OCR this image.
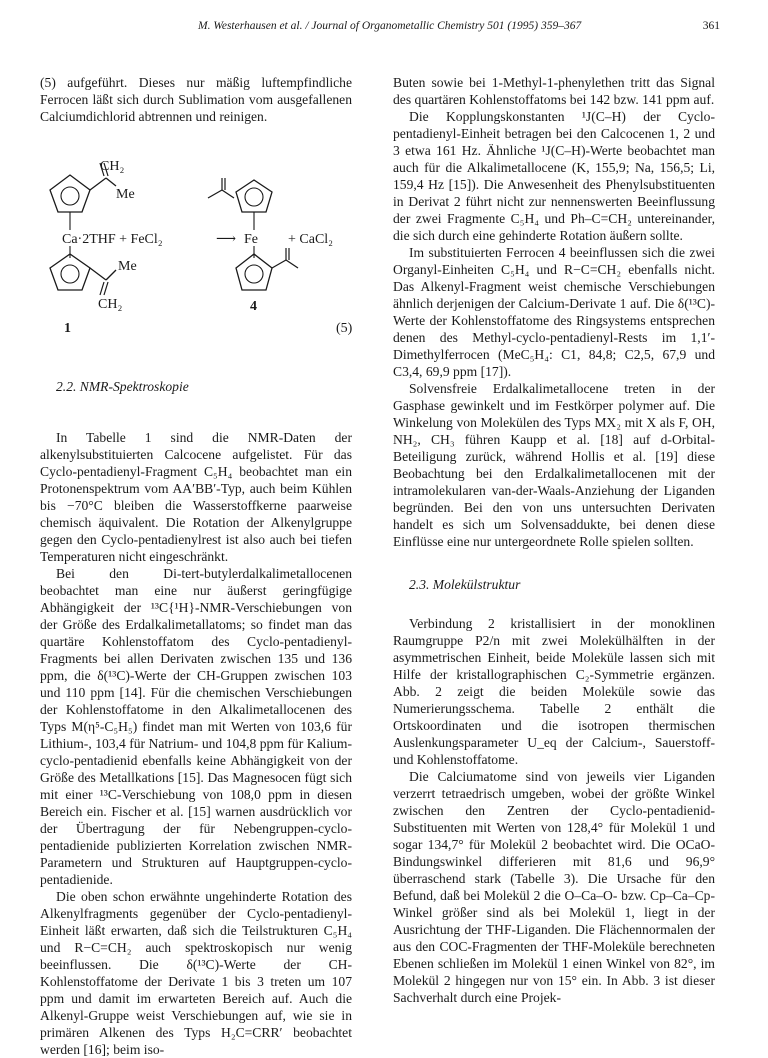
M. Westerhausen et al. / Journal of Organometallic Chemistry 501 (1995) 359–367	361

(5) aufgeführt. Dieses nur mäßig luftempfindliche Ferrocen läßt sich durch Sublimation vom ausgefallenen Calciumdichlorid abtrennen und reinigen.

CH₂
Me
Ca·2THF + FeCl₂	⟶
Me
CH₂
1
Fe + CaCl₂
4
(5)

2.2. NMR-Spektroskopie

In Tabelle 1 sind die NMR-Daten der alkenylsubstituierten Calcocene aufgelistet. Für das Cyclo-pentadienyl-Fragment C₅H₄ beobachtet man ein Protonenspektrum vom AA′BB′-Typ, auch beim Kühlen bis −70°C bleiben die Wasserstoffkerne paarweise chemisch äquivalent. Die Rotation der Alkenylgruppe gegen den Cyclo-pentadienylrest ist also auch bei tiefen Temperaturen nicht eingeschränkt.

Bei den Di-tert-butylerdalkalimetallocenen beobachtet man eine nur äußerst geringfügige Abhängigkeit der ¹³C{¹H}-NMR-Verschiebungen von der Größe des Erdalkalimetallatoms; so findet man das quartäre Kohlenstoffatom des Cyclo-pentadienyl-Fragments bei allen Derivaten zwischen 135 und 136 ppm, die δ(¹³C)-Werte der CH-Gruppen zwischen 103 und 110 ppm [14]. Für die chemischen Verschiebungen der Kohlenstoffatome in den Alkalimetallocenen des Typs M(η⁵-C₅H₅) findet man mit Werten von 103,6 für Lithium-, 103,4 für Natrium- und 104,8 ppm für Kalium-cyclo-pentadienid ebenfalls keine Abhängigkeit von der Größe des Metallkations [15]. Das Magnesocen fügt sich mit einer ¹³C-Verschiebung von 108,0 ppm in diesen Bereich ein. Fischer et al. [15] warnen ausdrücklich vor der Übertragung der für Nebengruppen-cyclo-pentadienide publizierten Korrelation zwischen NMR-Parametern und Strukturen auf Hauptgruppen-cyclo-pentadienide.

Die oben schon erwähnte ungehinderte Rotation des Alkenylfragments gegenüber der Cyclo-pentadienyl-Einheit läßt erwarten, daß sich die Teilstrukturen C₅H₄ und R−C=CH₂ auch spektroskopisch nur wenig beeinflussen. Die δ(¹³C)-Werte der CH-Kohlenstoffatome der Derivate 1 bis 3 treten um 107 ppm und damit im erwarteten Bereich auf. Auch die Alkenyl-Gruppe weist Verschiebungen auf, wie sie in primären Alkenen des Typs H₂C=CRR′ beobachtet werden [16]; beim iso-

Buten sowie bei 1-Methyl-1-phenylethen tritt das Signal des quartären Kohlenstoffatoms bei 142 bzw. 141 ppm auf.

Die Kopplungskonstanten ¹J(C–H) der Cyclo-pentadienyl-Einheit betragen bei den Calcocenen 1, 2 und 3 etwa 161 Hz. Ähnliche ¹J(C–H)-Werte beobachtet man auch für die Alkalimetallocene (K, 155,9; Na, 156,5; Li, 159,4 Hz [15]). Die Anwesenheit des Phenylsubstituenten in Derivat 2 führt nicht zur nennenswerten Beeinflussung der zwei Fragmente C₅H₄ und Ph–C=CH₂ untereinander, die sich durch eine gehinderte Rotation äußern sollte.

Im substituierten Ferrocen 4 beeinflussen sich die zwei Organyl-Einheiten C₅H₄ und R−C=CH₂ ebenfalls nicht. Das Alkenyl-Fragment weist chemische Verschiebungen ähnlich derjenigen der Calcium-Derivate 1 auf. Die δ(¹³C)-Werte der Kohlenstoffatome des Ringsystems entsprechen denen des Methyl-cyclo-pentadienyl-Rests im 1,1′-Dimethylferrocen (MeC₅H₄: C1, 84,8; C2,5, 67,9 und C3,4, 69,9 ppm [17]).

Solvensfreie Erdalkalimetallocene treten in der Gasphase gewinkelt und im Festkörper polymer auf. Die Winkelung von Molekülen des Typs MX₂ mit X als F, OH, NH₂, CH₃ führen Kaupp et al. [18] auf d-Orbital-Beteiligung zurück, während Hollis et al. [19] diese Beobachtung bei den Erdalkalimetallocenen mit der intramolekularen van-der-Waals-Anziehung der Liganden begründen. Bei den von uns untersuchten Derivaten handelt es sich um Solvensaddukte, bei denen diese Einflüsse eine nur untergeordnete Rolle spielen sollten.

2.3. Molekülstruktur

Verbindung 2 kristallisiert in der monoklinen Raumgruppe P2/n mit zwei Molekülhälften in der asymmetrischen Einheit, beide Moleküle lassen sich mit Hilfe der kristallographischen C₂-Symmetrie ergänzen. Abb. 2 zeigt die beiden Moleküle sowie das Numerierungsschema. Tabelle 2 enthält die Ortskoordinaten und die isotropen thermischen Auslenkungsparameter U_eq der Calcium-, Sauerstoff- und Kohlenstoffatome.

Die Calciumatome sind von jeweils vier Liganden verzerrt tetraedrisch umgeben, wobei der größte Winkel zwischen den Zentren der Cyclo-pentadienid-Substituenten mit Werten von 128,4° für Molekül 1 und sogar 134,7° für Molekül 2 beobachtet wird. Die OCaO-Bindungswinkel differieren mit 81,6 und 96,9° überraschend stark (Tabelle 3). Die Ursache für den Befund, daß bei Molekül 2 die O–Ca–O- bzw. Cp–Ca–Cp-Winkel größer sind als bei Molekül 1, liegt in der Ausrichtung der THF-Liganden. Die Flächennormalen der aus den COC-Fragmenten der THF-Moleküle berechneten Ebenen schließen im Molekül 1 einen Winkel von 82°, im Molekül 2 hingegen nur von 15° ein. In Abb. 3 ist dieser Sachverhalt durch eine Projek-
